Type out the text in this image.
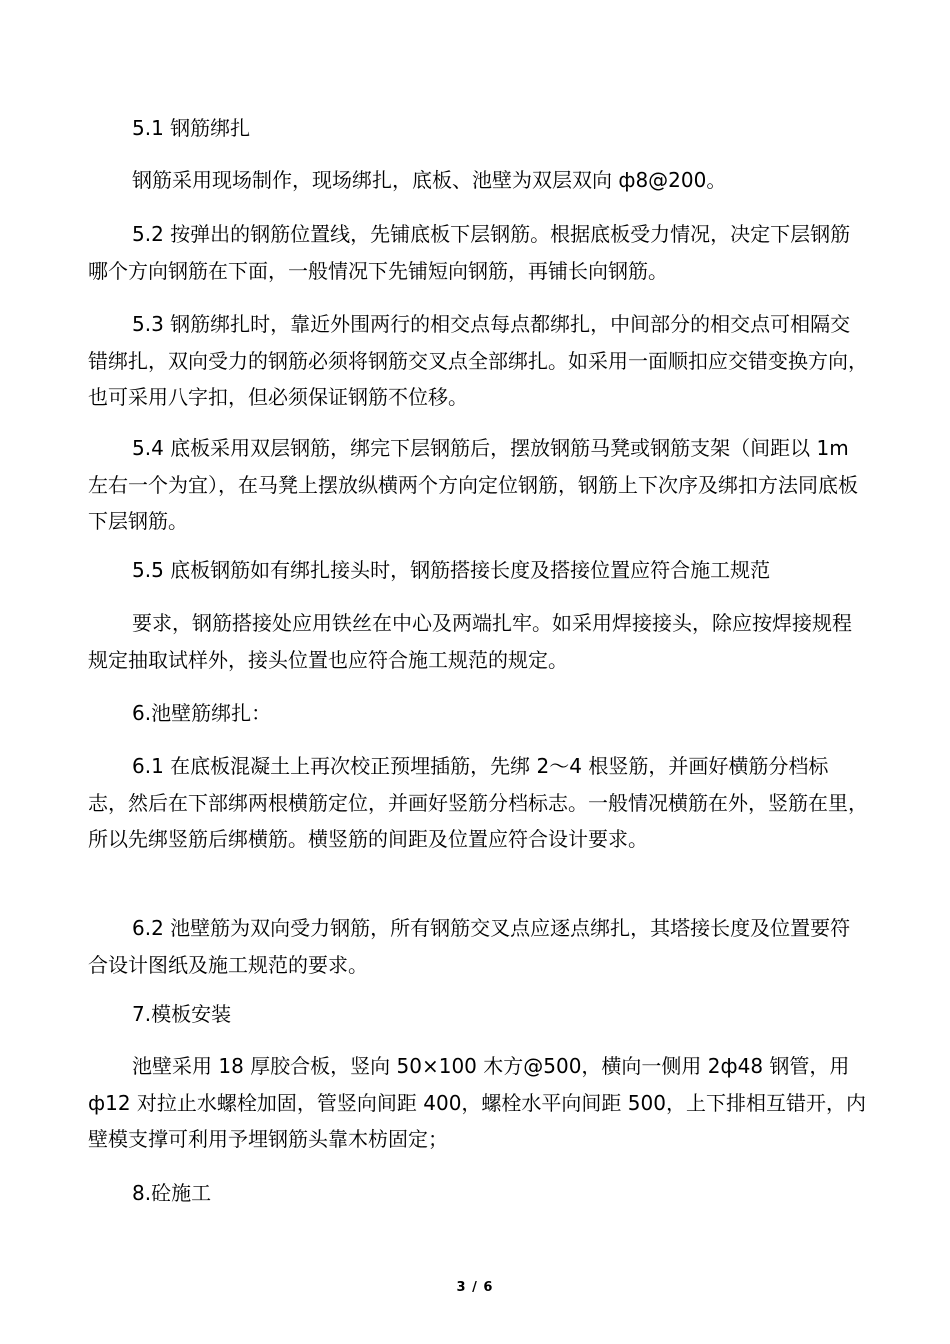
5.1 钢筋绑扎

钢筋采用现场制作，现场绑扎，底板、池壁为双层双向 ф8@200。

5.2 按弹出的钢筋位置线，先铺底板下层钢筋。根据底板受力情况，决定下层钢筋哪个方向钢筋在下面，一般情况下先铺短向钢筋，再铺长向钢筋。

5.3 钢筋绑扎时，靠近外围两行的相交点每点都绑扎，中间部分的相交点可相隔交错绑扎，双向受力的钢筋必须将钢筋交叉点全部绑扎。如采用一面顺扣应交错变换方向，也可采用八字扣，但必须保证钢筋不位移。

5.4 底板采用双层钢筋，绑完下层钢筋后，摆放钢筋马凳或钢筋支架（间距以 1m 左右一个为宜），在马凳上摆放纵横两个方向定位钢筋，钢筋上下次序及绑扣方法同底板下层钢筋。

5.5 底板钢筋如有绑扎接头时，钢筋搭接长度及搭接位置应符合施工规范

要求，钢筋搭接处应用铁丝在中心及两端扎牢。如采用焊接接头，除应按焊接规程规定抽取试样外，接头位置也应符合施工规范的规定。

6.池壁筋绑扎：

6.1 在底板混凝土上再次校正预埋插筋，先绑 2～4 根竖筋，并画好横筋分档标志，然后在下部绑两根横筋定位，并画好竖筋分档标志。一般情况横筋在外，竖筋在里，所以先绑竖筋后绑横筋。横竖筋的间距及位置应符合设计要求。

6.2 池壁筋为双向受力钢筋，所有钢筋交叉点应逐点绑扎，其塔接长度及位置要符合设计图纸及施工规范的要求。

7.模板安装

池壁采用 18 厚胶合板，竖向 50×100 木方@500，横向一侧用 2ф48 钢管，用 ф12 对拉止水螺栓加固，管竖向间距 400，螺栓水平向间距 500，上下排相互错开，内壁模支撑可利用予埋钢筋头靠木枋固定；

8.砼施工

3 / 6
